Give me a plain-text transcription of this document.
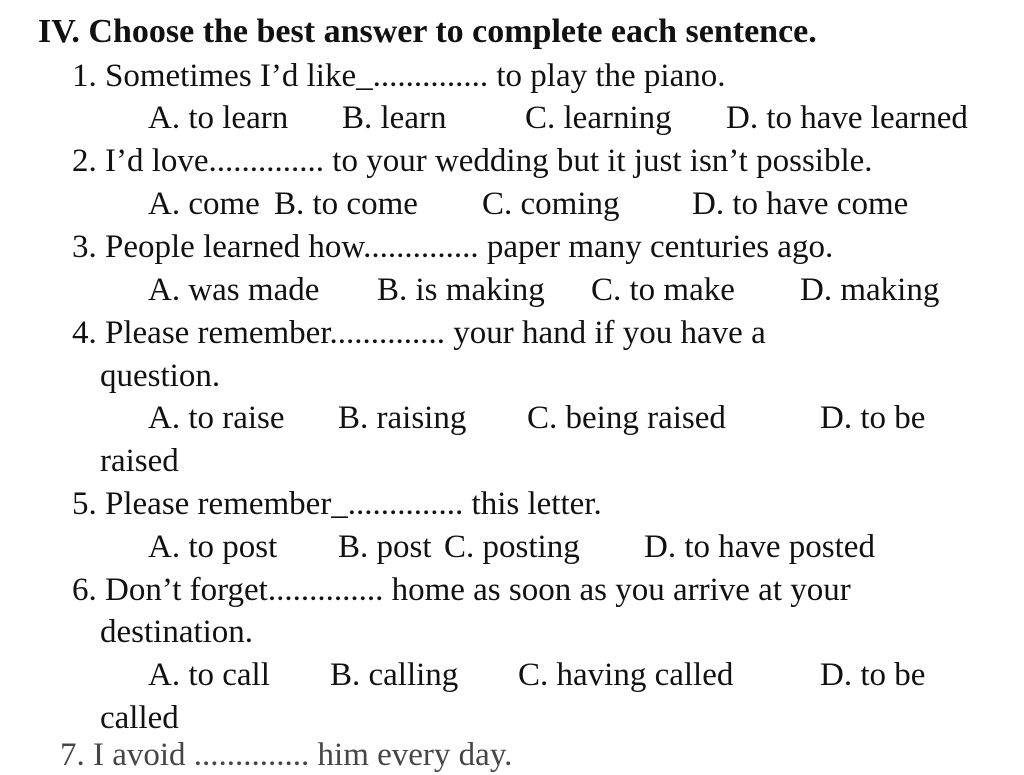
IV. Choose the best answer to complete each sentence.
1. Sometimes I’d like_.............. to play the piano.
A. to learn B. learn C. learning D. to have learned
2. I’d love.............. to your wedding but it just isn’t possible.
A. come B. to come C. coming D. to have come
3. People learned how.............. paper many centuries ago.
A. was made B. is making C. to make D. making
4. Please remember.............. your hand if you have a
question.
A. to raise B. raising C. being raised	D. to be
raised
5. Please remember_.............. this letter.
A. to post B. post C. posting D. to have posted
6. Don’t forget.............. home as soon as you arrive at your
destination.
A. to call B. calling C. having called	D. to be
called
7. I avoid .............. him every day.
